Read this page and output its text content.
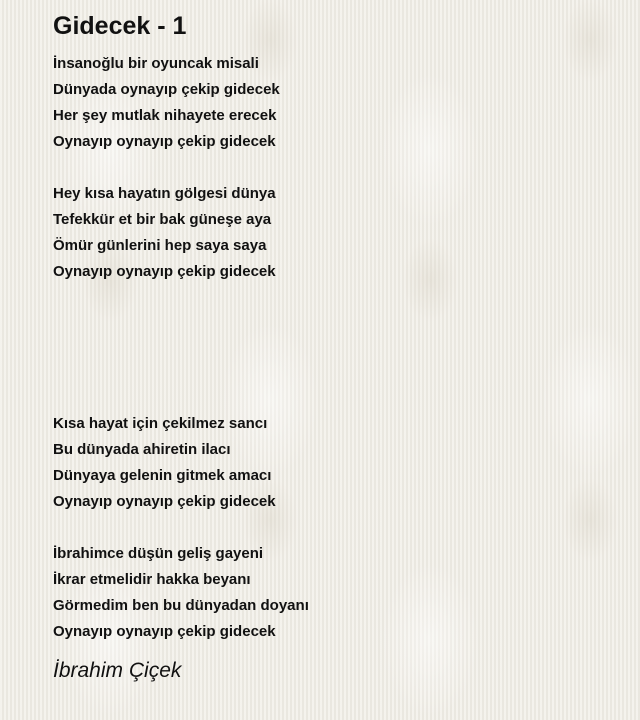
Gidecek - 1
İnsanoğlu bir oyuncak misali
Dünyada oynayıp çekip gidecek
Her şey mutlak nihayete erecek
Oynayıp oynayıp çekip gidecek
Hey kısa hayatın gölgesi dünya
Tefekkür et bir bak güneşe aya
Ömür günlerini hep saya saya
Oynayıp oynayıp çekip gidecek
Kısa hayat için çekilmez sancı
Bu dünyada ahiretin ilacı
Dünyaya gelenin gitmek amacı
Oynayıp oynayıp çekip gidecek
İbrahimce düşün geliş gayeni
İkrar etmelidir hakka beyanı
Görmedim ben bu dünyadan doyanı
Oynayıp oynayıp çekip gidecek
İbrahim Çiçek
